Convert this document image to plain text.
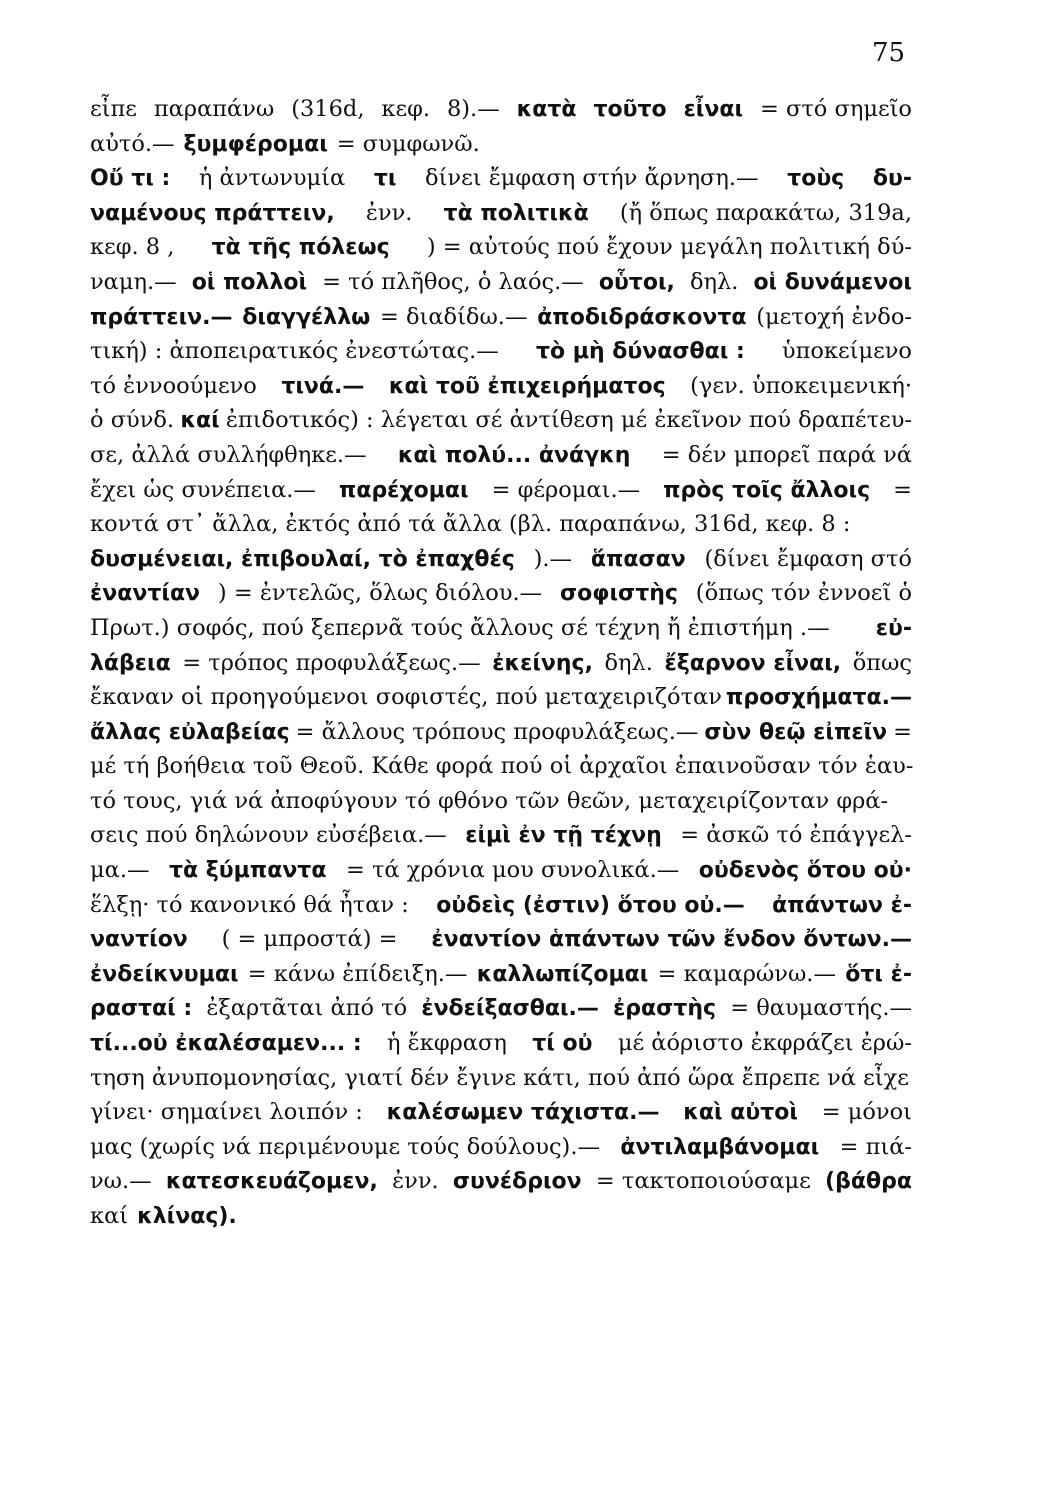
75
εἶπε παραπάνω (316d, κεφ. 8).— κατὰ τοῦτο εἶναι = στό σημεῖο
αὐτό.— ξυμφέρομαι = συμφωνῶ.
Οὔ τι : ἡ ἀντωνυμία τι δίνει ἔμφαση στήν ἄρνηση.— τοὺς δυ-
ναμένους πράττειν, ἐνν. τὰ πολιτικὰ (ἤ ὅπως παρακάτω, 319a,
κεφ. 8 , τὰ τῆς πόλεως ) = αὐτούς πού ἔχουν μεγάλη πολιτική δύ-
ναμη.— οἱ πολλοὶ = τό πλῆθος, ὁ λαός.— οὗτοι, δηλ. οἱ δυνάμενοι
πράττειν.— διαγγέλλω = διαδίδω.— ἀποδιδράσκοντα (μετοχή ἐνδο-
τική) : ἀποπειρατικός ἐνεστώτας.— τὸ μὴ δύνασθαι : ὑποκείμενο
τό ἐννοούμενο τινά.— καὶ τοῦ ἐπιχειρήματος (γεν. ὑποκειμενική·
ὁ σύνδ. καί ἐπιδοτικός) : λέγεται σέ ἀντίθεση μέ ἐκεῖνον πού δραπέτευ-
σε, ἀλλά συλλήφθηκε.— καὶ πολύ... ἀνάγκη = δέν μπορεῖ παρά νά
ἔχει ὡς συνέπεια.— παρέχομαι = φέρομαι.— πρὸς τοῖς ἄλλοις =
κοντά στ᾽ ἄλλα, ἐκτός ἀπό τά ἄλλα (βλ. παραπάνω, 316d, κεφ. 8 :
δυσμένειαι, ἐπιβουλαί, τὸ ἐπαχθές ).— ἅπασαν (δίνει ἔμφαση στό
ἐναντίαν ) = ἐντελῶς, ὅλως διόλου.— σοφιστὴς (ὅπως τόν ἐννοεῖ ὁ
Πρωτ.) σοφός, πού ξεπερνᾶ τούς ἄλλους σέ τέχνη ἤ ἐπιστήμη .— εὐ-
λάβεια = τρόπος προφυλάξεως.— ἐκείνης, δηλ. ἔξαρνον εἶναι, ὅπως
ἔκαναν οἱ προηγούμενοι σοφιστές, πού μεταχειριζόταν προσχήματα.—
ἄλλας εὐλαβείας = ἄλλους τρόπους προφυλάξεως.— σὺν θεῷ εἰπεῖν =
μέ τή βοήθεια τοῦ Θεοῦ. Κάθε φορά πού οἱ ἀρχαῖοι ἐπαινοῦσαν τόν ἑαυ-
τό τους, γιά νά ἀποφύγουν τό φθόνο τῶν θεῶν, μεταχειρίζονταν φρά-
σεις πού δηλώνουν εὐσέβεια.— εἰμὶ ἐν τῇ τέχνῃ = ἀσκῶ τό ἐπάγγελ-
μα.— τὰ ξύμπαντα = τά χρόνια μου συνολικά.— οὐδενὸς ὅτου οὐ·
ἕλξῃ· τό κανονικό θά ἦταν : οὐδεὶς (ἐστιν) ὅτου οὐ.— ἀπάντων ἐ-
ναντίον ( = μπροστά) = ἐναντίον ἁπάντων τῶν ἔνδον ὄντων.—
ἐνδείκνυμαι = κάνω ἐπίδειξη.— καλλωπίζομαι = καμαρώνω.— ὅτι ἐ-
ρασταί : ἐξαρτᾶται ἀπό τό ἐνδείξασθαι.— ἐραστὴς = θαυμαστής.—
τί...οὐ ἐκαλέσαμεν... : ἡ ἔκφραση τί οὐ μέ ἀόριστο ἐκφράζει ἐρώ-
τηση ἀνυπομονησίας, γιατί δέν ἔγινε κάτι, πού ἀπό ὥρα ἔπρεπε νά εἶχε
γίνει· σημαίνει λοιπόν : καλέσωμεν τάχιστα.— καὶ αὐτοὶ = μόνοι
μας (χωρίς νά περιμένουμε τούς δούλους).— ἀντιλαμβάνομαι = πιά-
νω.— κατεσκευάζομεν, ἐνν. συνέδριον = τακτοποιούσαμε (βάθρα
καί κλίνας).
